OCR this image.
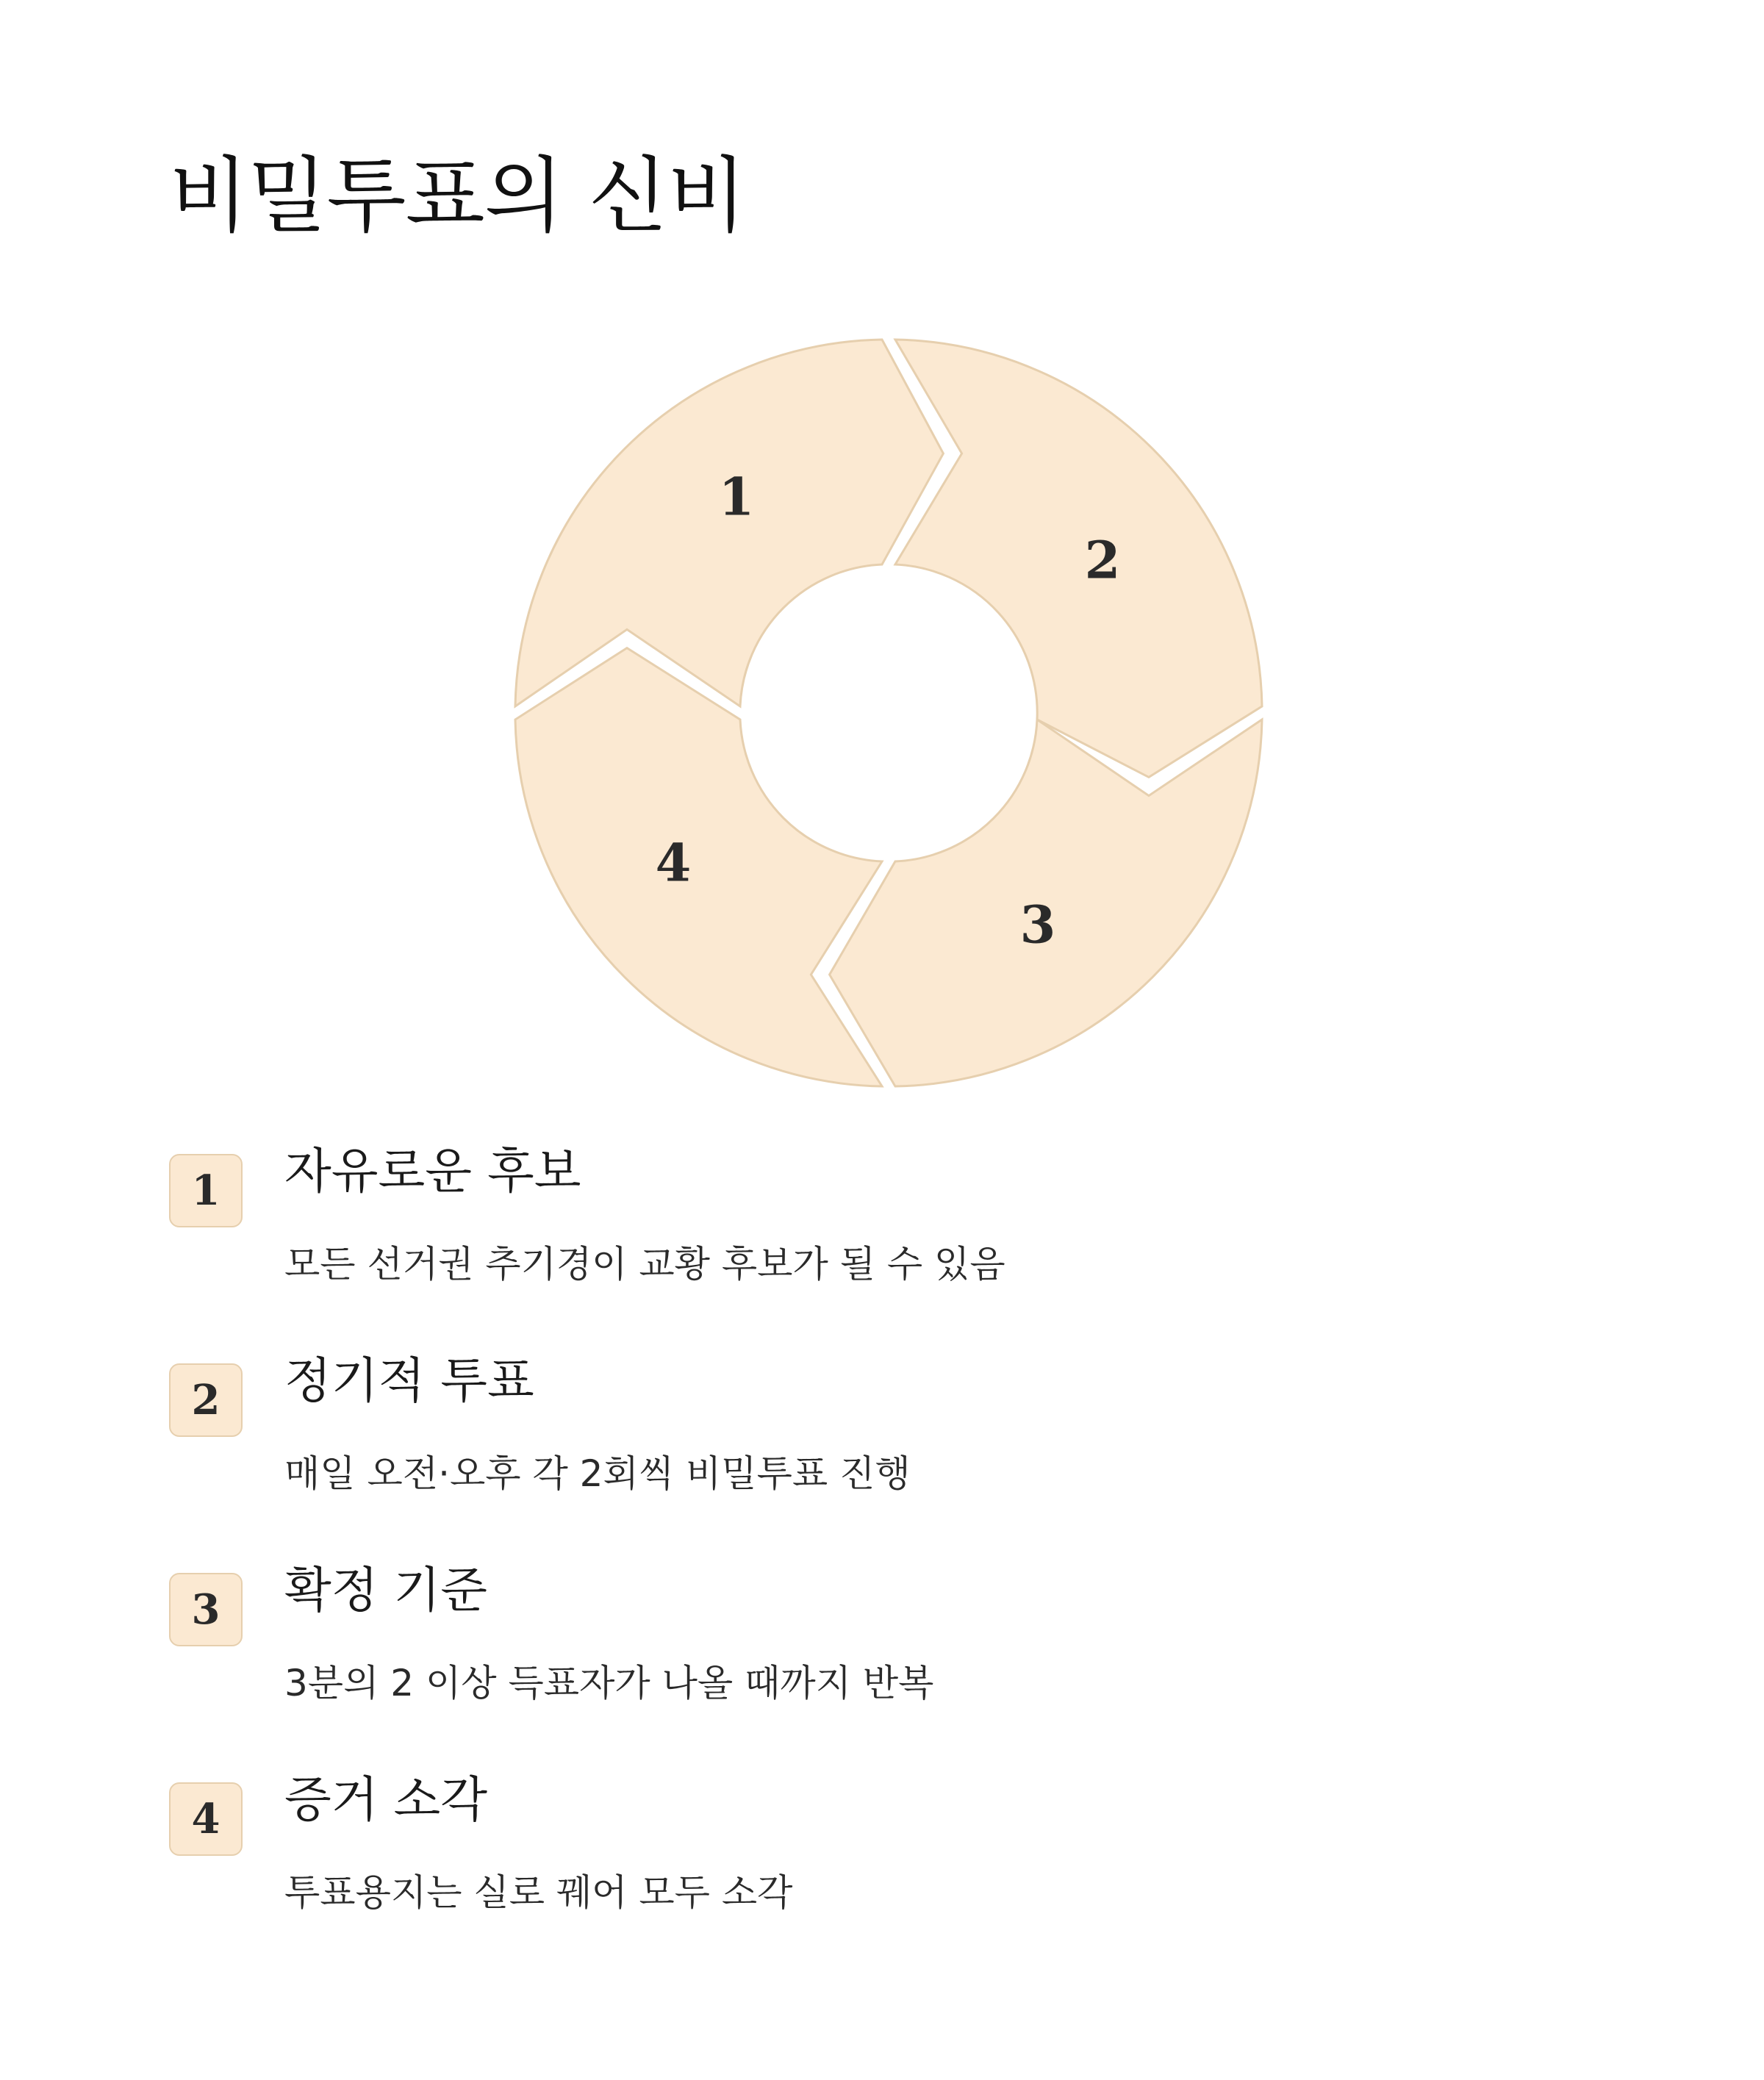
비밀투표의 신비
1
2
3
4
1	자유로운 후보
모든 선거권 추기경이 교황 후보가 될 수 있음
2	정기적 투표
매일 오전·오후 각 2회씩 비밀투표 진행
3	확정 기준
3분의 2 이상 득표자가 나올 때까지 반복
4	증거 소각
투표용지는 실로 꿰어 모두 소각
